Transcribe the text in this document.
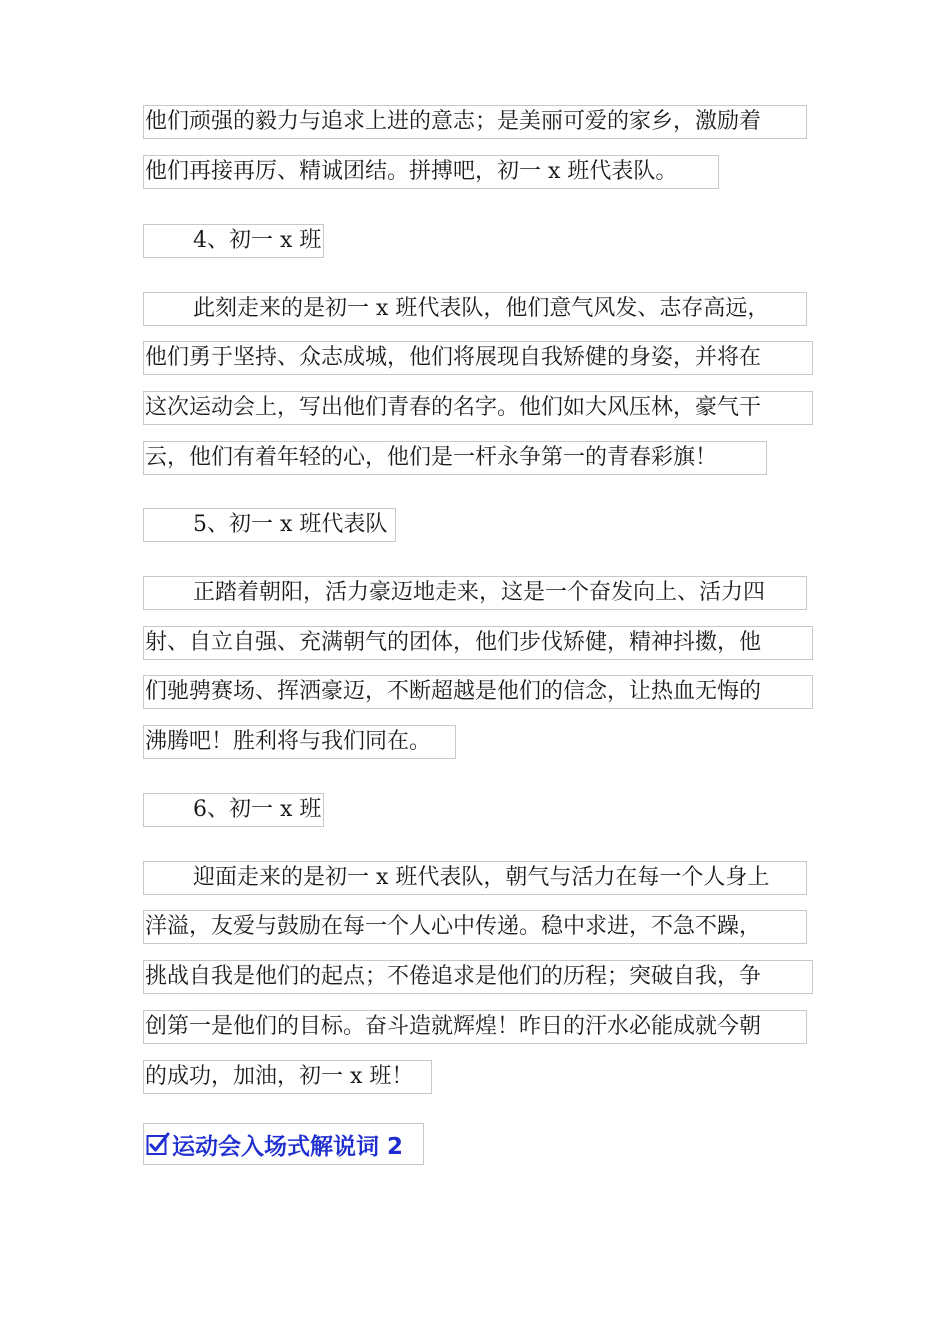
他们顽强的毅力与追求上进的意志；是美丽可爱的家乡，激励着
他们再接再厉、精诚团结。拼搏吧，初一 x 班代表队。
4、初一 x 班
此刻走来的是初一 x 班代表队，他们意气风发、志存高远，
他们勇于坚持、众志成城，他们将展现自我矫健的身姿，并将在
这次运动会上，写出他们青春的名字。他们如大风压林，豪气干
云，他们有着年轻的心，他们是一杆永争第一的青春彩旗！
5、初一 x 班代表队
正踏着朝阳，活力豪迈地走来，这是一个奋发向上、活力四
射、自立自强、充满朝气的团体，他们步伐矫健，精神抖擞，他
们驰骋赛场、挥洒豪迈，不断超越是他们的信念，让热血无悔的
沸腾吧！胜利将与我们同在。
6、初一 x 班
迎面走来的是初一 x 班代表队，朝气与活力在每一个人身上
洋溢，友爱与鼓励在每一个人心中传递。稳中求进，不急不躁，
挑战自我是他们的起点；不倦追求是他们的历程；突破自我，争
创第一是他们的目标。奋斗造就辉煌！昨日的汗水必能成就今朝
的成功，加油，初一 x 班！
运动会入场式解说词 2
